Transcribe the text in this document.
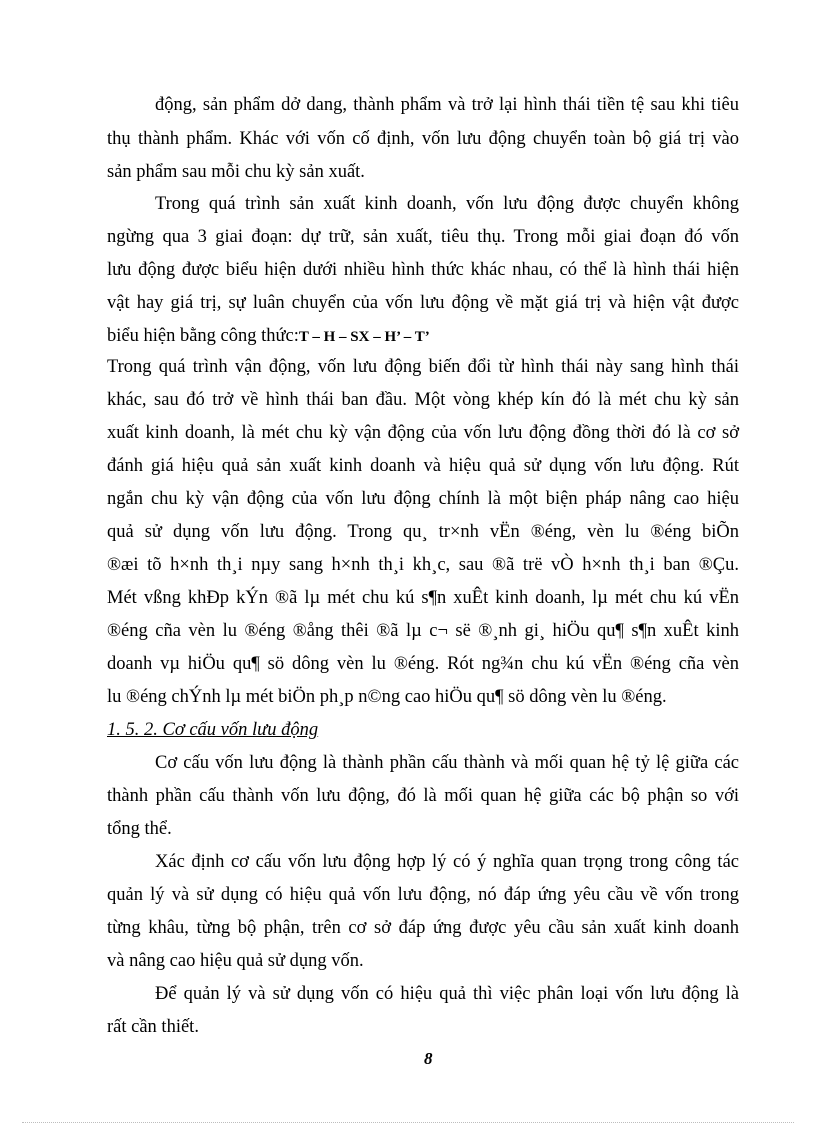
động, sản phẩm dở dang, thành phẩm và trở lại hình thái tiền tệ sau khi tiêu
thụ thành phẩm. Khác với vốn cố định, vốn lưu động chuyển toàn bộ giá trị vào
sản phẩm sau mỗi chu kỳ sản xuất.
Trong quá trình sản xuất kinh doanh, vốn lưu động được chuyển không
ngừng qua 3 giai đoạn: dự trữ, sản xuất, tiêu thụ. Trong mỗi giai đoạn đó vốn
lưu động được biểu hiện dưới nhiều hình thức khác nhau, có thể là hình thái hiện
vật hay giá trị, sự luân chuyển của vốn lưu động về mặt giá trị và hiện vật được
biểu hiện bằng công thức:T – H – SX – H’ – T’
Trong quá trình vận động, vốn lưu động biến đổi từ hình thái này sang hình thái
khác, sau đó trở về hình thái ban đầu. Một vòng khép kín đó là mét chu kỳ sản
xuất kinh doanh, là mét chu kỳ vận động của vốn lưu động đồng thời đó là cơ sở
đánh giá hiệu quả sản xuất kinh doanh và hiệu quả sử dụng vốn lưu động. Rút
ngắn chu kỳ vận động của vốn lưu động chính là một biện pháp nâng cao hiệu
quả sử dụng vốn lưu động. Trong qu¸ tr×nh vËn ®éng, vèn lu ®éng biÕn
®æi tõ h×nh th¸i nµy sang h×nh th¸i kh¸c, sau ®ã trë vÒ h×nh th¸i ban ®Çu.
Mét vßng khÐp kÝn ®ã lµ mét chu kú s¶n xuÊt kinh doanh, lµ mét chu kú vËn
®éng cña vèn lu ®éng ®ång thêi ®ã lµ c¬ së ®¸nh gi¸ hiÖu qu¶ s¶n xuÊt kinh
doanh vµ hiÖu qu¶ sö dông vèn lu ®éng. Rót ng¾n chu kú vËn ®éng cña vèn
lu ®éng chÝnh lµ mét biÖn ph¸p n©ng cao hiÖu qu¶ sö dông vèn lu ®éng.
1. 5. 2. Cơ cấu vốn lưu động
Cơ cấu vốn lưu động là thành phần cấu thành và mối quan hệ tỷ lệ giữa các
thành phần cấu thành vốn lưu động, đó là mối quan hệ giữa các bộ phận so với
tổng thể.
Xác định cơ cấu vốn lưu động hợp lý có ý nghĩa quan trọng trong công tác
quản lý và sử dụng có hiệu quả vốn lưu động, nó đáp ứng yêu cầu về vốn trong
từng khâu, từng bộ phận, trên cơ sở đáp ứng được yêu cầu sản xuất kinh doanh
và nâng cao hiệu quả sử dụng vốn.
Để quản lý và sử dụng vốn có hiệu quả thì việc phân loại vốn lưu động là
rất cần thiết.
8
